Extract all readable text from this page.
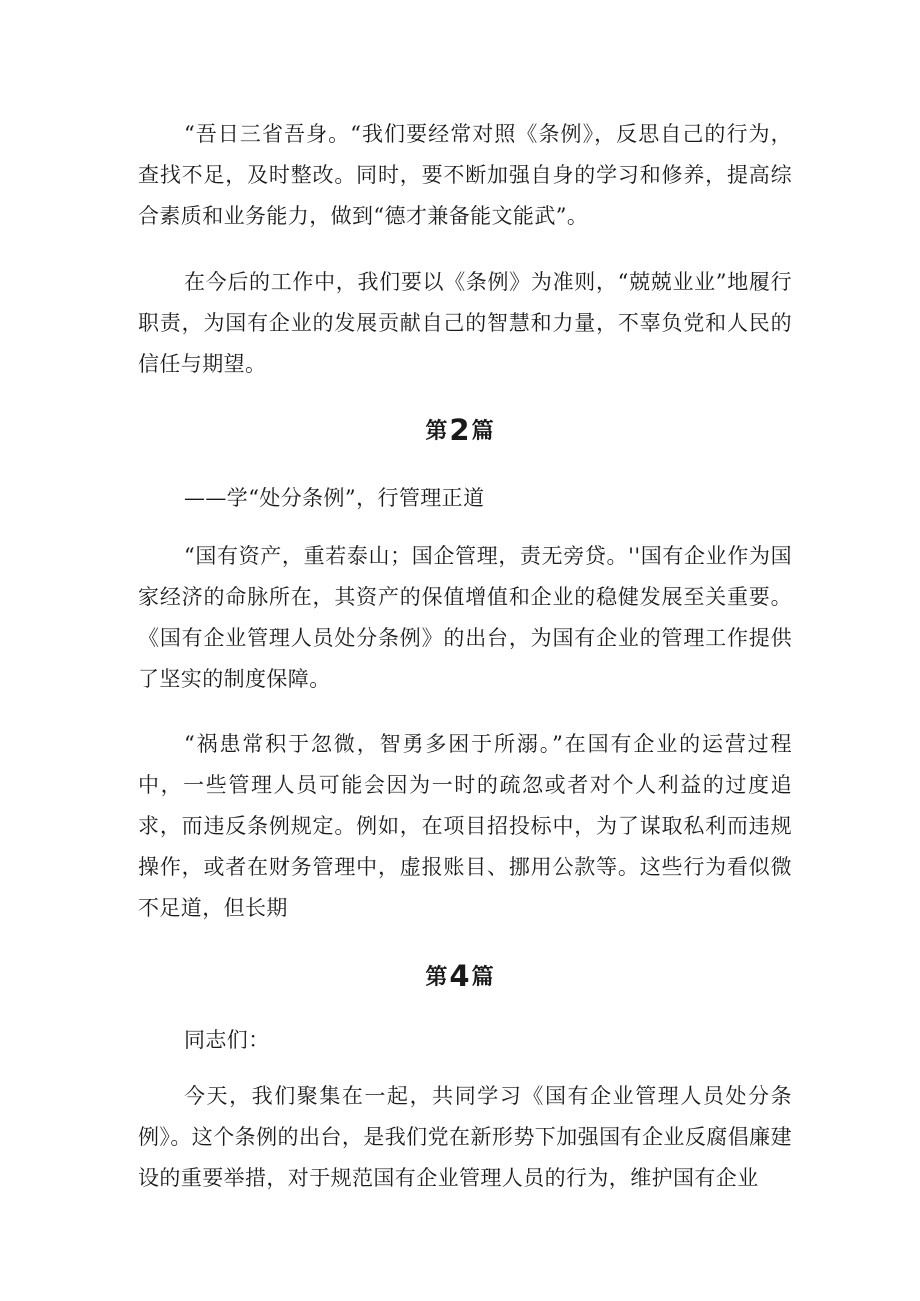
“吾日三省吾身。“我们要经常对照《条例》，反思自己的行为，查找不足，及时整改。同时，要不断加强自身的学习和修养，提高综合素质和业务能力，做到“德才兼备能文能武”。

在今后的工作中，我们要以《条例》为准则，“兢兢业业”地履行职责，为国有企业的发展贡献自己的智慧和力量，不辜负党和人民的信任与期望。

第2篇

——学“处分条例”，行管理正道

“国有资产，重若泰山；国企管理，责无旁贷。''国有企业作为国家经济的命脉所在，其资产的保值增值和企业的稳健发展至关重要。《国有企业管理人员处分条例》的出台，为国有企业的管理工作提供了坚实的制度保障。

“祸患常积于忽微，智勇多困于所溺。”在国有企业的运营过程中，一些管理人员可能会因为一时的疏忽或者对个人利益的过度追求，而违反条例规定。例如，在项目招投标中，为了谋取私利而违规操作，或者在财务管理中，虚报账目、挪用公款等。这些行为看似微不足道，但长期

第4篇

同志们：

今天，我们聚集在一起，共同学习《国有企业管理人员处分条例》。这个条例的出台，是我们党在新形势下加强国有企业反腐倡廉建设的重要举措，对于规范国有企业管理人员的行为，维护国有企业
